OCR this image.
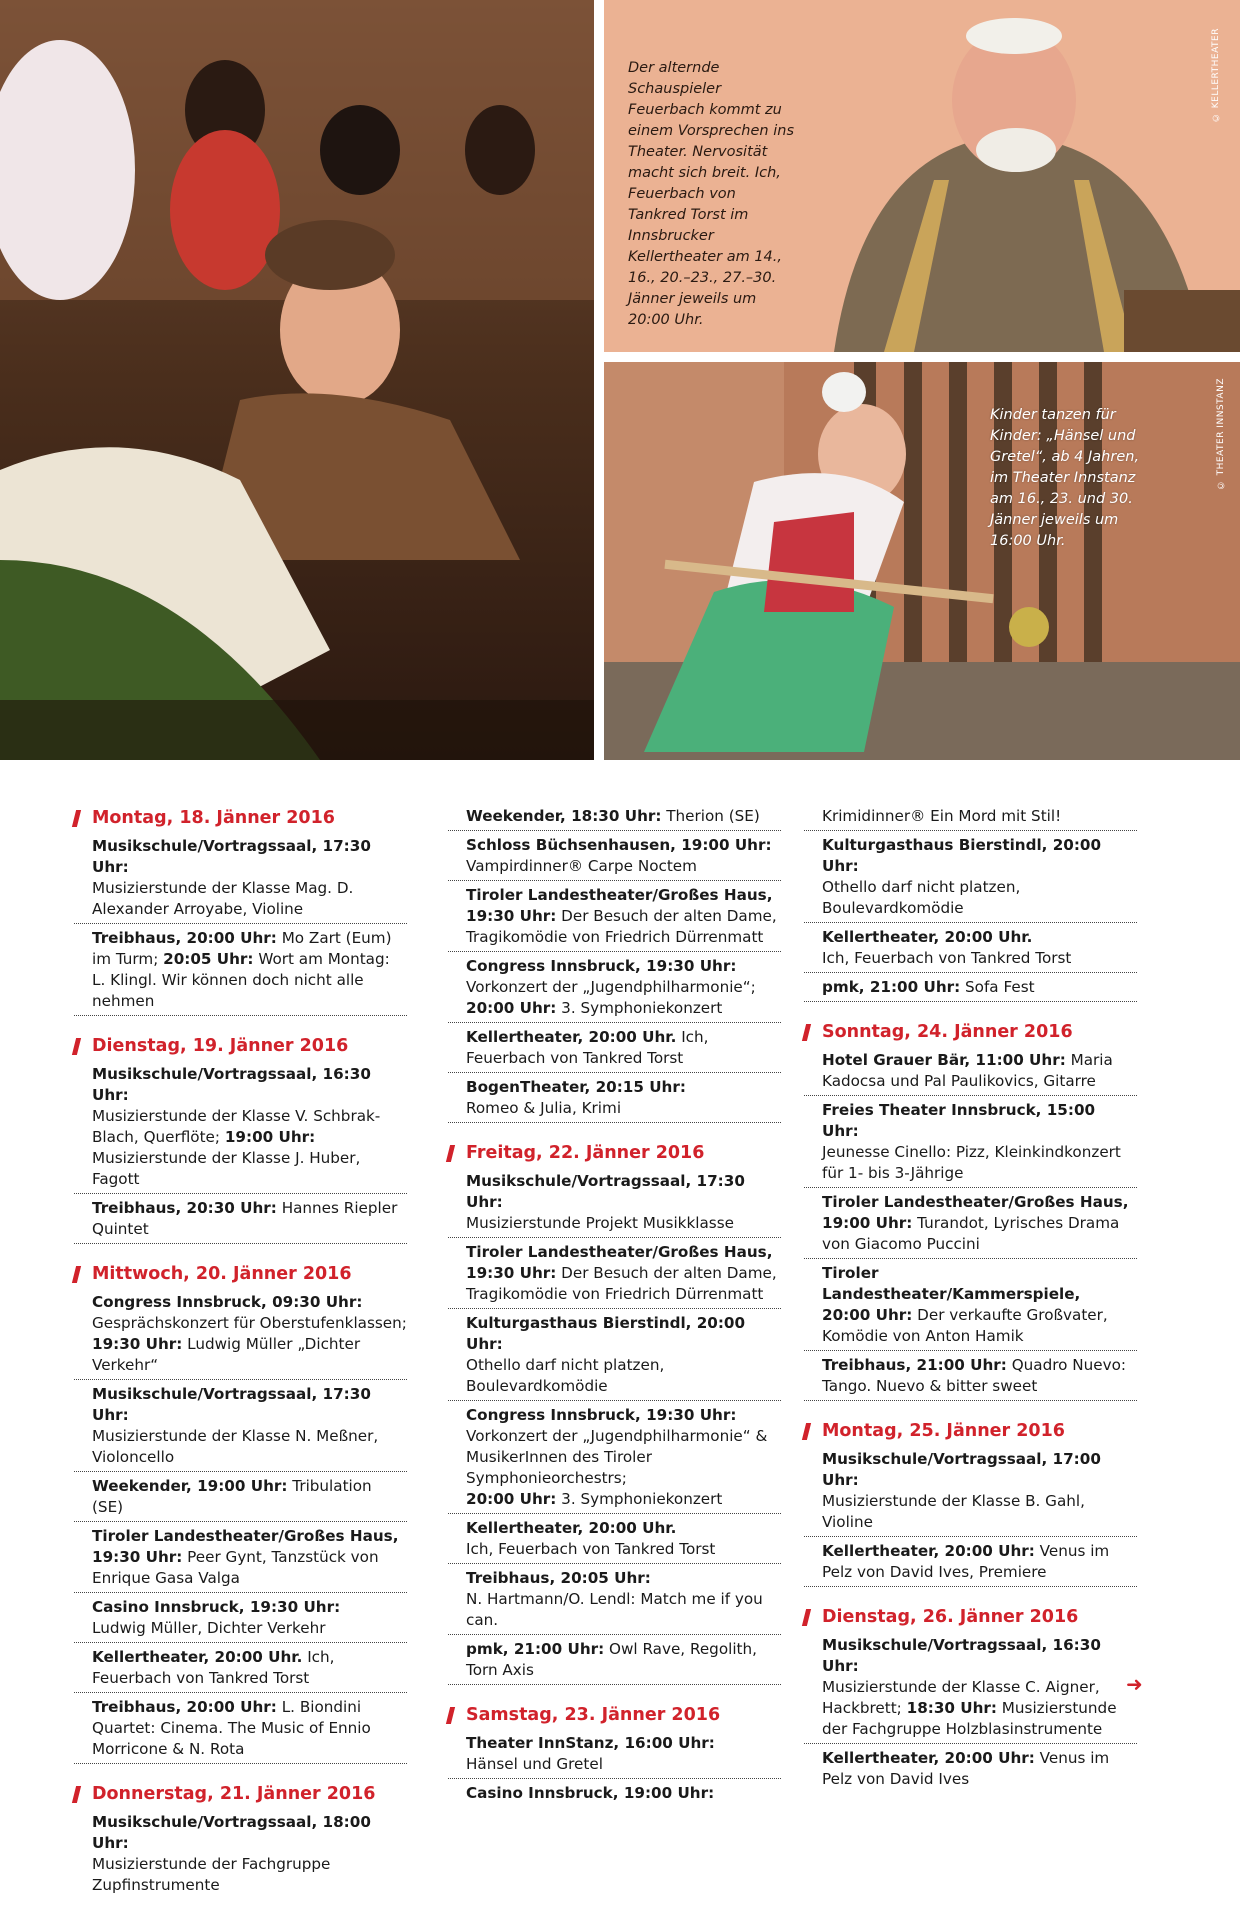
Der alternde Schauspieler Feuerbach kommt zu einem Vorsprechen ins Theater. Nervosität macht sich breit. Ich, Feuerbach von Tankred Torst im Innsbrucker Kellertheater am 14., 16., 20.–23., 27.–30. Jänner jeweils um 20:00 Uhr.
Kinder tanzen für Kinder: „Hänsel und Gretel“, ab 4 Jahren, im Theater Innstanz am 16., 23. und 30. Jänner jeweils um 16:00 Uhr.
© KELLERTHEATER
© THEATER INNSTANZ
Montag, 18. Jänner 2016
Musikschule/Vortragssaal, 17:30 Uhr:
Musizierstunde der Klasse Mag. D. Alexander Arroyabe, Violine
Treibhaus, 20:00 Uhr: Mo Zart (Eum) im Turm; 20:05 Uhr: Wort am Montag: L. Klingl. Wir können doch nicht alle nehmen
Dienstag, 19. Jänner 2016
Musikschule/Vortragssaal, 16:30 Uhr:
Musizierstunde der Klasse V. Schbrak-Blach, Querflöte; 19:00 Uhr: Musizierstunde der Klasse J. Huber, Fagott
Treibhaus, 20:30 Uhr: Hannes Riepler Quintet
Mittwoch, 20. Jänner 2016
Congress Innsbruck, 09:30 Uhr:
Gesprächskonzert für Oberstufenklassen;
19:30 Uhr: Ludwig Müller „Dichter Verkehr“
Musikschule/Vortragssaal, 17:30 Uhr:
Musizierstunde der Klasse N. Meßner, Violoncello
Weekender, 19:00 Uhr: Tribulation (SE)
Tiroler Landestheater/Großes Haus,
19:30 Uhr: Peer Gynt, Tanzstück von Enrique Gasa Valga
Casino Innsbruck, 19:30 Uhr:
Ludwig Müller, Dichter Verkehr
Kellertheater, 20:00 Uhr. Ich, Feuerbach von Tankred Torst
Treibhaus, 20:00 Uhr: L. Biondini Quartet: Cinema. The Music of Ennio Morricone & N. Rota
Donnerstag, 21. Jänner 2016
Musikschule/Vortragssaal, 18:00 Uhr:
Musizierstunde der Fachgruppe Zupfinstrumente
Weekender, 18:30 Uhr: Therion (SE)
Schloss Büchsenhausen, 19:00 Uhr:
Vampirdinner® Carpe Noctem
Tiroler Landestheater/Großes Haus,
19:30 Uhr: Der Besuch der alten Dame, Tragikomödie von Friedrich Dürrenmatt
Congress Innsbruck, 19:30 Uhr:
Vorkonzert der „Jugendphilharmonie“;
20:00 Uhr: 3. Symphoniekonzert
Kellertheater, 20:00 Uhr. Ich, Feuerbach von Tankred Torst
BogenTheater, 20:15 Uhr:
Romeo & Julia, Krimi
Freitag, 22. Jänner 2016
Musikschule/Vortragssaal, 17:30 Uhr:
Musizierstunde Projekt Musikklasse
Tiroler Landestheater/Großes Haus,
19:30 Uhr: Der Besuch der alten Dame, Tragikomödie von Friedrich Dürrenmatt
Kulturgasthaus Bierstindl, 20:00 Uhr:
Othello darf nicht platzen, Boulevardkomödie
Congress Innsbruck, 19:30 Uhr:
Vorkonzert der „Jugendphilharmonie“ & MusikerInnen des Tiroler Symphonieorchestrs;
20:00 Uhr: 3. Symphoniekonzert
Kellertheater, 20:00 Uhr.
Ich, Feuerbach von Tankred Torst
Treibhaus, 20:05 Uhr:
N. Hartmann/O. Lendl: Match me if you can.
pmk, 21:00 Uhr: Owl Rave, Regolith, Torn Axis
Samstag, 23. Jänner 2016
Theater InnStanz, 16:00 Uhr:
Hänsel und Gretel
Casino Innsbruck, 19:00 Uhr:
Krimidinner® Ein Mord mit Stil!
Kulturgasthaus Bierstindl, 20:00 Uhr:
Othello darf nicht platzen, Boulevardkomödie
Kellertheater, 20:00 Uhr.
Ich, Feuerbach von Tankred Torst
pmk, 21:00 Uhr: Sofa Fest
Sonntag, 24. Jänner 2016
Hotel Grauer Bär, 11:00 Uhr: Maria Kadocsa und Pal Paulikovics, Gitarre
Freies Theater Innsbruck, 15:00 Uhr:
Jeunesse Cinello: Pizz, Kleinkindkonzert für 1- bis 3-Jährige
Tiroler Landestheater/Großes Haus,
19:00 Uhr: Turandot, Lyrisches Drama von Giacomo Puccini
Tiroler Landestheater/Kammerspiele,
20:00 Uhr: Der verkaufte Großvater, Komödie von Anton Hamik
Treibhaus, 21:00 Uhr: Quadro Nuevo: Tango. Nuevo & bitter sweet
Montag, 25. Jänner 2016
Musikschule/Vortragssaal, 17:00 Uhr:
Musizierstunde der Klasse B. Gahl, Violine
Kellertheater, 20:00 Uhr: Venus im Pelz von David Ives, Premiere
Dienstag, 26. Jänner 2016
Musikschule/Vortragssaal, 16:30 Uhr:
Musizierstunde der Klasse C. Aigner, Hackbrett; 18:30 Uhr: Musizierstunde der Fachgruppe Holzblasinstrumente
Kellertheater, 20:00 Uhr: Venus im Pelz von David Ives
➜
